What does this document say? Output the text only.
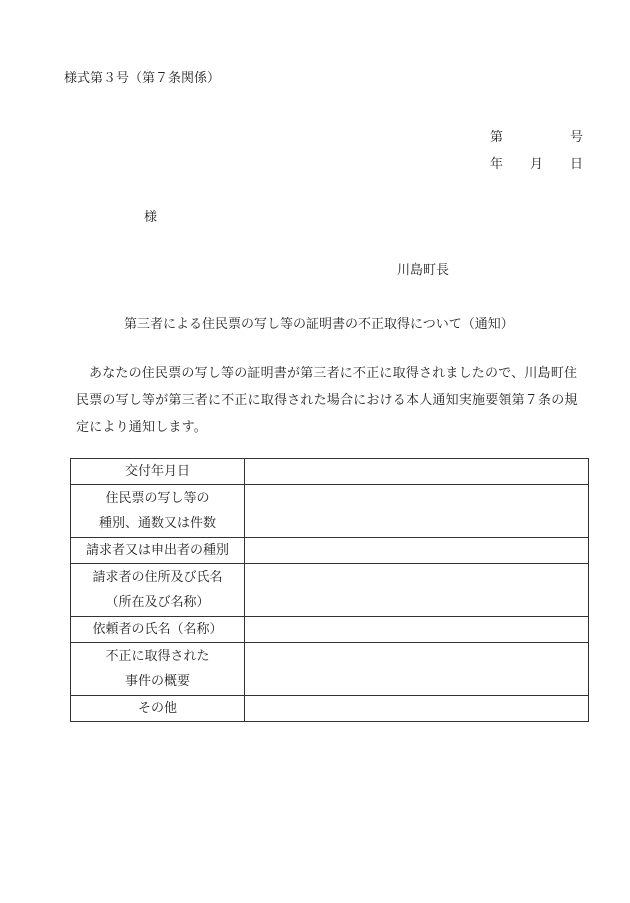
様式第３号（第７条関係）
第	号
年 月 日
様
川島町長
第三者による住民票の写し等の証明書の不正取得について（通知）
あなたの住民票の写し等の証明書が第三者に不正に取得されましたので、川島町住民票の写し等が第三者に不正に取得された場合における本人通知実施要領第７条の規定により通知します。
交付年月日	

住民票の写し等の
種別、通数又は件数	

請求者又は申出者の種別	

請求者の住所及び氏名
（所在及び名称）	

依頼者の氏名（名称）	

不正に取得された
事件の概要	

その他	
